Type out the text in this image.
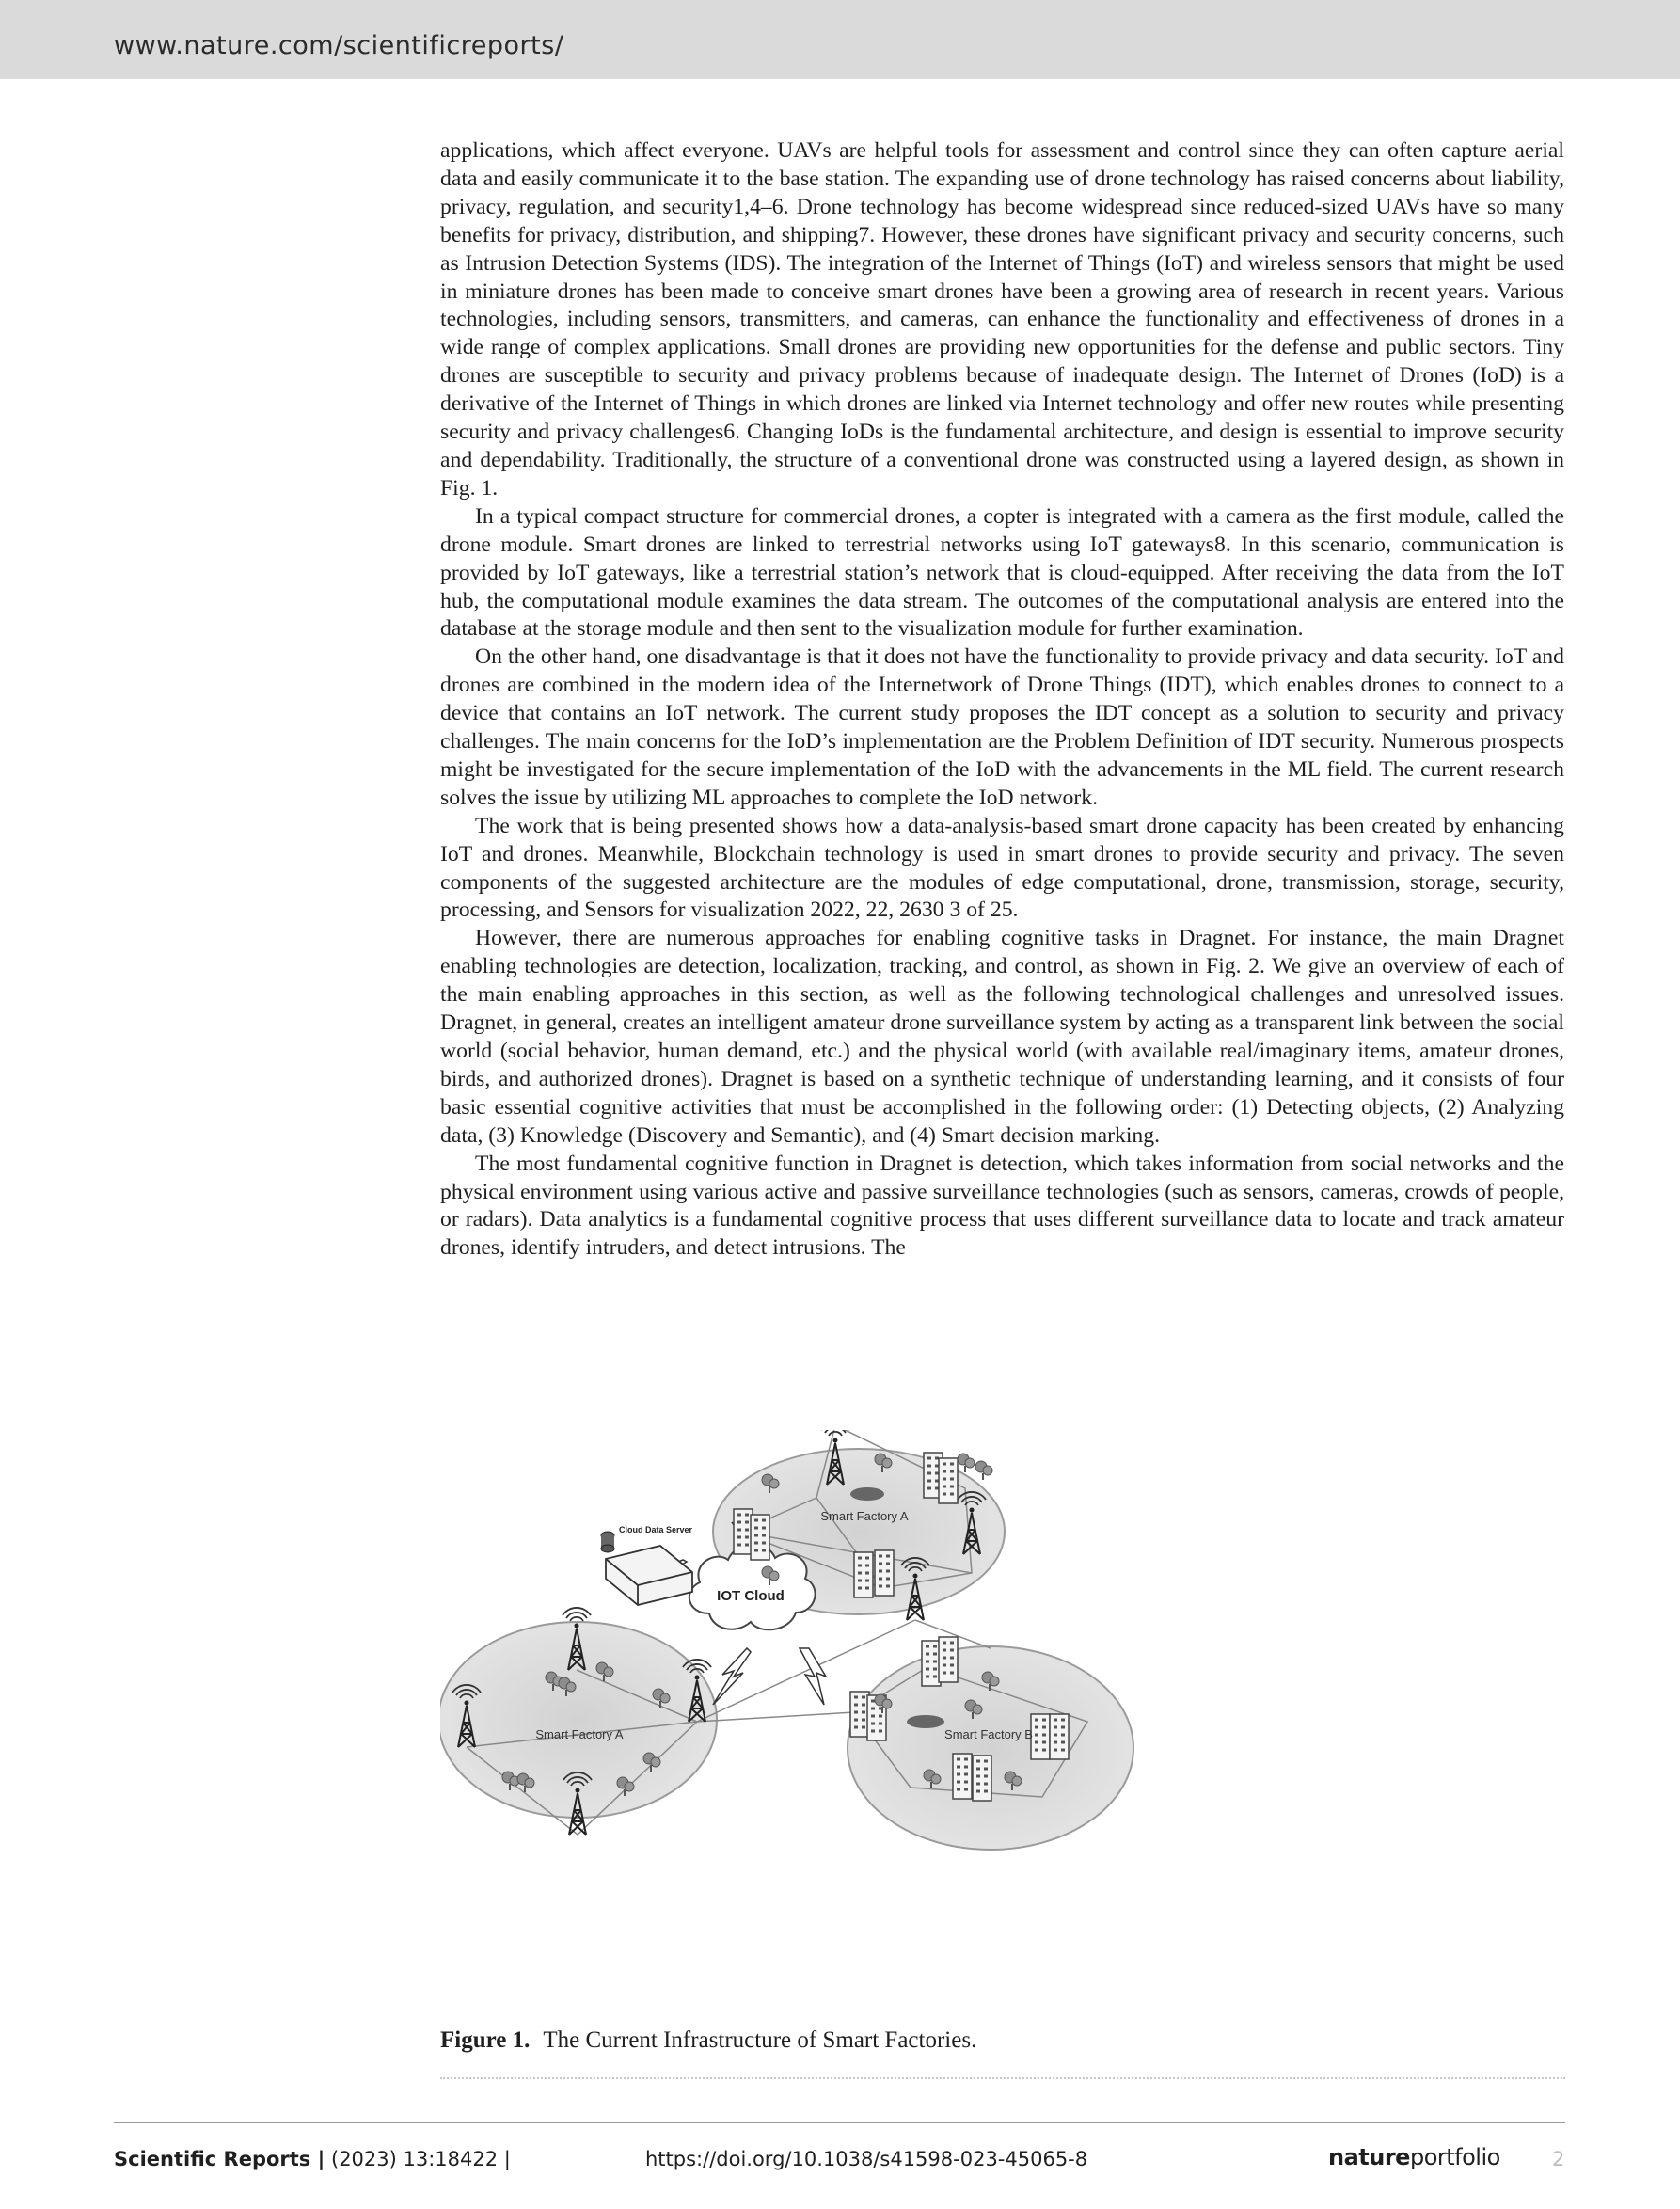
www.nature.com/scientificreports/

applications, which affect everyone. UAVs are helpful tools for assessment and control since they can often capture aerial data and easily communicate it to the base station. The expanding use of drone technology has raised concerns about liability, privacy, regulation, and security1,4–6. Drone technology has become widespread since reduced-sized UAVs have so many benefits for privacy, distribution, and shipping7. However, these drones have significant privacy and security concerns, such as Intrusion Detection Systems (IDS). The integration of the Internet of Things (IoT) and wireless sensors that might be used in miniature drones has been made to conceive smart drones have been a growing area of research in recent years. Various technologies, including sensors, transmitters, and cameras, can enhance the functionality and effectiveness of drones in a wide range of complex applications. Small drones are providing new opportunities for the defense and public sectors. Tiny drones are susceptible to security and privacy problems because of inadequate design. The Internet of Drones (IoD) is a derivative of the Internet of Things in which drones are linked via Internet technology and offer new routes while presenting security and privacy challenges6. Changing IoDs is the fundamental architecture, and design is essential to improve security and dependability. Traditionally, the structure of a conventional drone was constructed using a layered design, as shown in Fig. 1.

In a typical compact structure for commercial drones, a copter is integrated with a camera as the first module, called the drone module. Smart drones are linked to terrestrial networks using IoT gateways8. In this scenario, communication is provided by IoT gateways, like a terrestrial station’s network that is cloud-equipped. After receiving the data from the IoT hub, the computational module examines the data stream. The outcomes of the computational analysis are entered into the database at the storage module and then sent to the visualization module for further examination.

On the other hand, one disadvantage is that it does not have the functionality to provide privacy and data security. IoT and drones are combined in the modern idea of the Internetwork of Drone Things (IDT), which enables drones to connect to a device that contains an IoT network. The current study proposes the IDT concept as a solution to security and privacy challenges. The main concerns for the IoD’s implementation are the Problem Definition of IDT security. Numerous prospects might be investigated for the secure implementation of the IoD with the advancements in the ML field. The current research solves the issue by utilizing ML approaches to complete the IoD network.

The work that is being presented shows how a data-analysis-based smart drone capacity has been created by enhancing IoT and drones. Meanwhile, Blockchain technology is used in smart drones to provide security and privacy. The seven components of the suggested architecture are the modules of edge computational, drone, transmission, storage, security, processing, and Sensors for visualization 2022, 22, 2630 3 of 25.

However, there are numerous approaches for enabling cognitive tasks in Dragnet. For instance, the main Dragnet enabling technologies are detection, localization, tracking, and control, as shown in Fig. 2. We give an overview of each of the main enabling approaches in this section, as well as the following technological challenges and unresolved issues. Dragnet, in general, creates an intelligent amateur drone surveillance system by acting as a transparent link between the social world (social behavior, human demand, etc.) and the physical world (with available real/imaginary items, amateur drones, birds, and authorized drones). Dragnet is based on a synthetic technique of understanding learning, and it consists of four basic essential cognitive activities that must be accomplished in the following order: (1) Detecting objects, (2) Analyzing data, (3) Knowledge (Discovery and Semantic), and (4) Smart decision marking.

The most fundamental cognitive function in Dragnet is detection, which takes information from social networks and the physical environment using various active and passive surveillance technologies (such as sensors, cameras, crowds of people, or radars). Data analytics is a fundamental cognitive process that uses different surveillance data to locate and track amateur drones, identify intruders, and detect intrusions. The

IOT Cloud
Cloud Data Server
Smart Factory A
Smart Factory A	Smart Factory B
Figure 1. The Current Infrastructure of Smart Factories.
Scientific Reports | (2023) 13:18422 |	https://doi.org/10.1038/s41598-023-45065-8	natureportfolio	2
